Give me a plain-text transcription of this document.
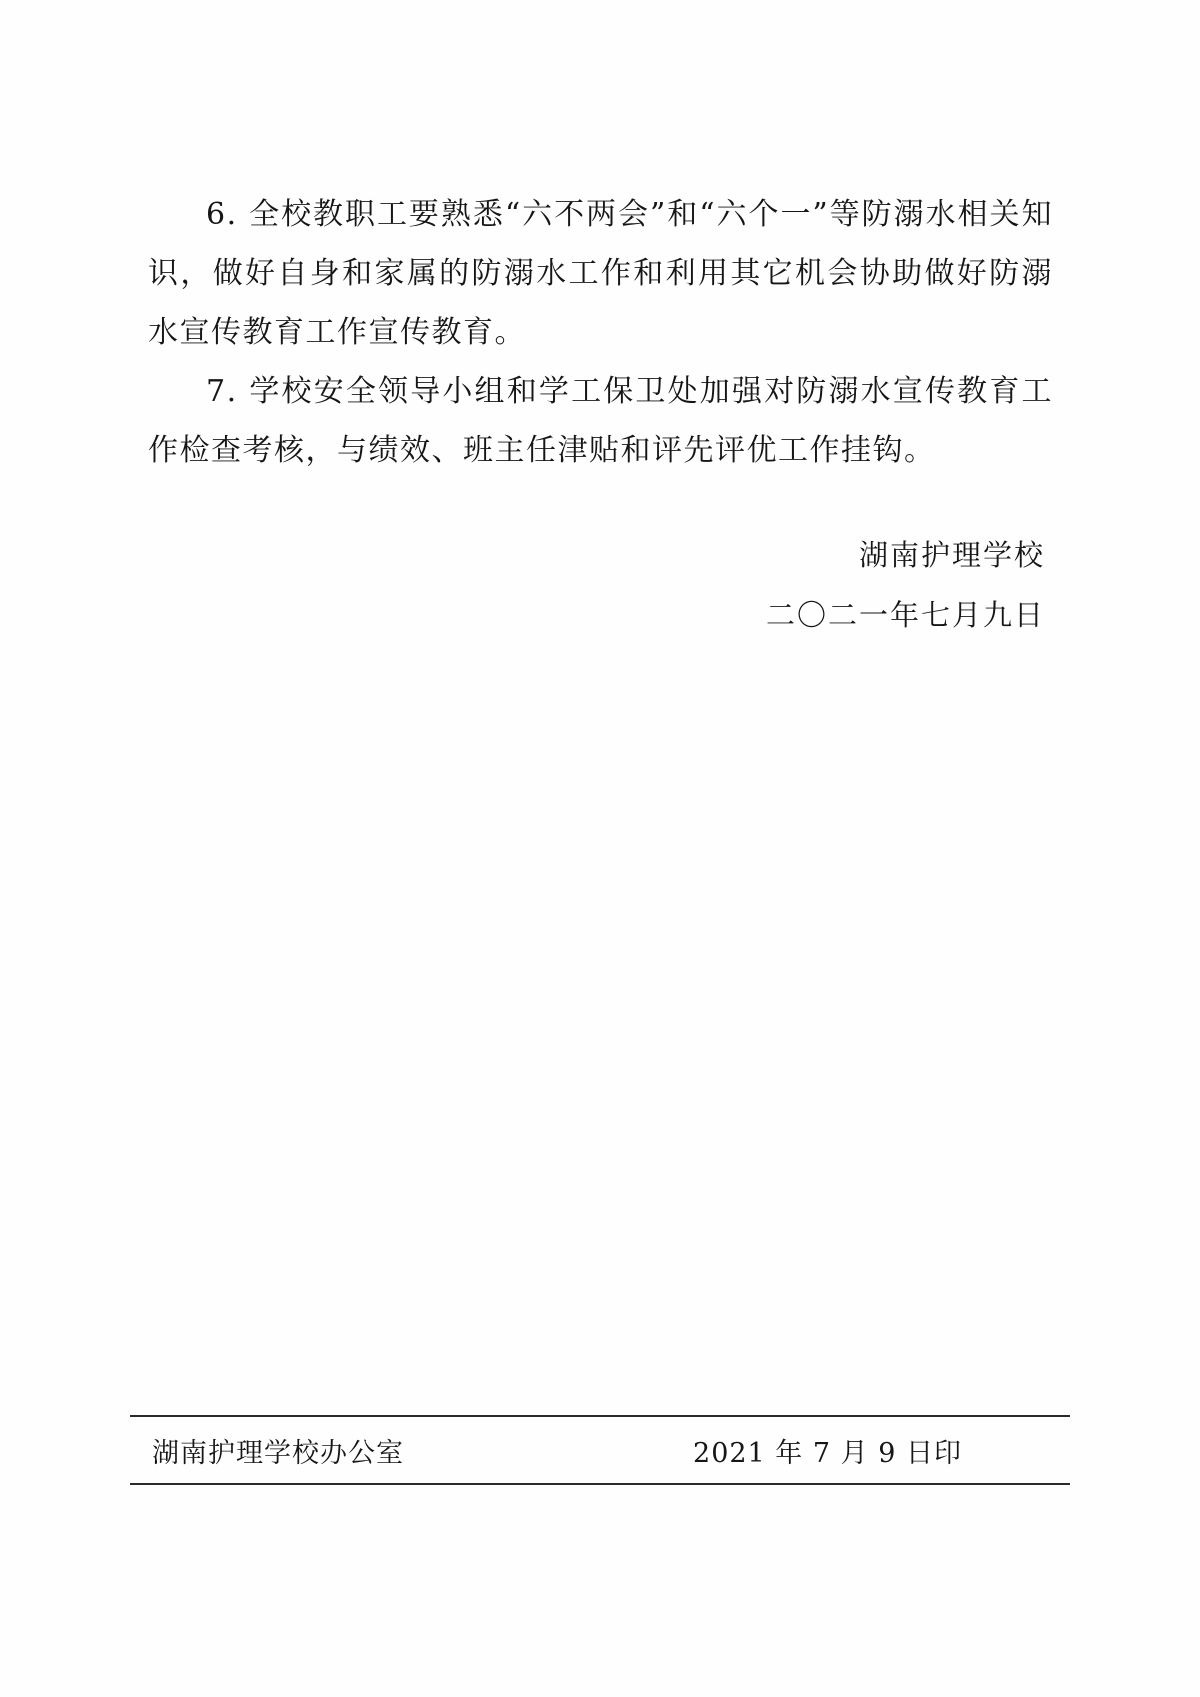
6. 全校教职工要熟悉“六不两会”和“六个一”等防溺水相关知识，做好自身和家属的防溺水工作和利用其它机会协助做好防溺水宣传教育工作宣传教育。

7. 学校安全领导小组和学工保卫处加强对防溺水宣传教育工作检查考核，与绩效、班主任津贴和评先评优工作挂钩。

湖南护理学校
二〇二一年七月九日
湖南护理学校办公室	2021 年 7 月 9 日印
